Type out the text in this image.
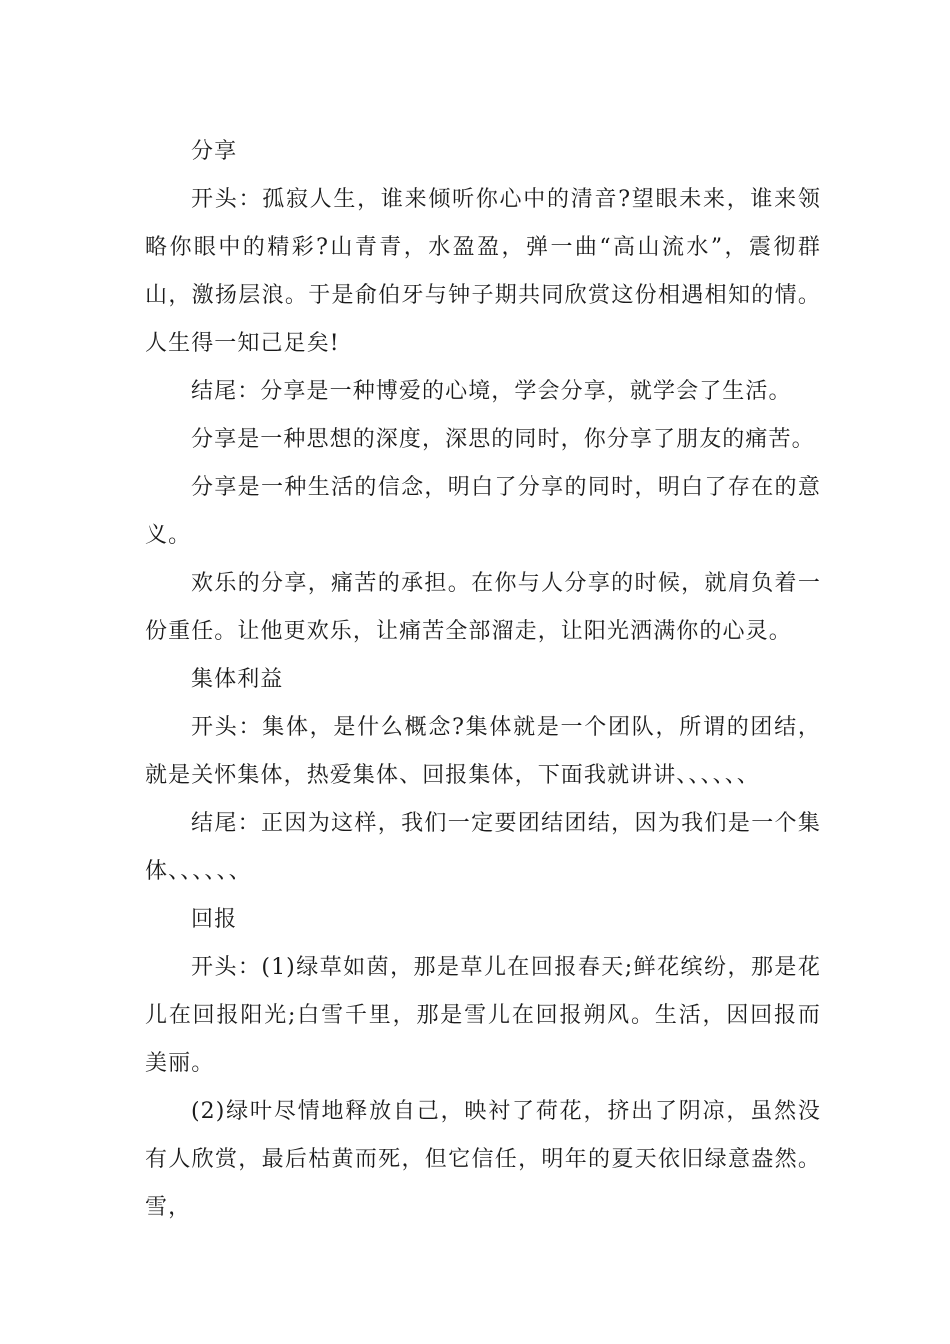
分享

开头：孤寂人生，谁来倾听你心中的清音?望眼未来，谁来领略你眼中的精彩?山青青，水盈盈，弹一曲“高山流水”，震彻群山，激扬层浪。于是俞伯牙与钟子期共同欣赏这份相遇相知的情。人生得一知己足矣!

结尾：分享是一种博爱的心境，学会分享，就学会了生活。

分享是一种思想的深度，深思的同时，你分享了朋友的痛苦。

分享是一种生活的信念，明白了分享的同时，明白了存在的意义。

欢乐的分享，痛苦的承担。在你与人分享的时候，就肩负着一份重任。让他更欢乐，让痛苦全部溜走，让阳光洒满你的心灵。

集体利益

开头：集体，是什么概念?集体就是一个团队，所谓的团结，就是关怀集体，热爱集体、回报集体，下面我就讲讲、、、、、、

结尾：正因为这样，我们一定要团结团结，因为我们是一个集体、、、、、、

回报

开头：(1)绿草如茵，那是草儿在回报春天;鲜花缤纷，那是花儿在回报阳光;白雪千里，那是雪儿在回报朔风。生活，因回报而美丽。

(2)绿叶尽情地释放自己，映衬了荷花，挤出了阴凉，虽然没有人欣赏，最后枯黄而死，但它信任，明年的夏天依旧绿意盎然。雪，
